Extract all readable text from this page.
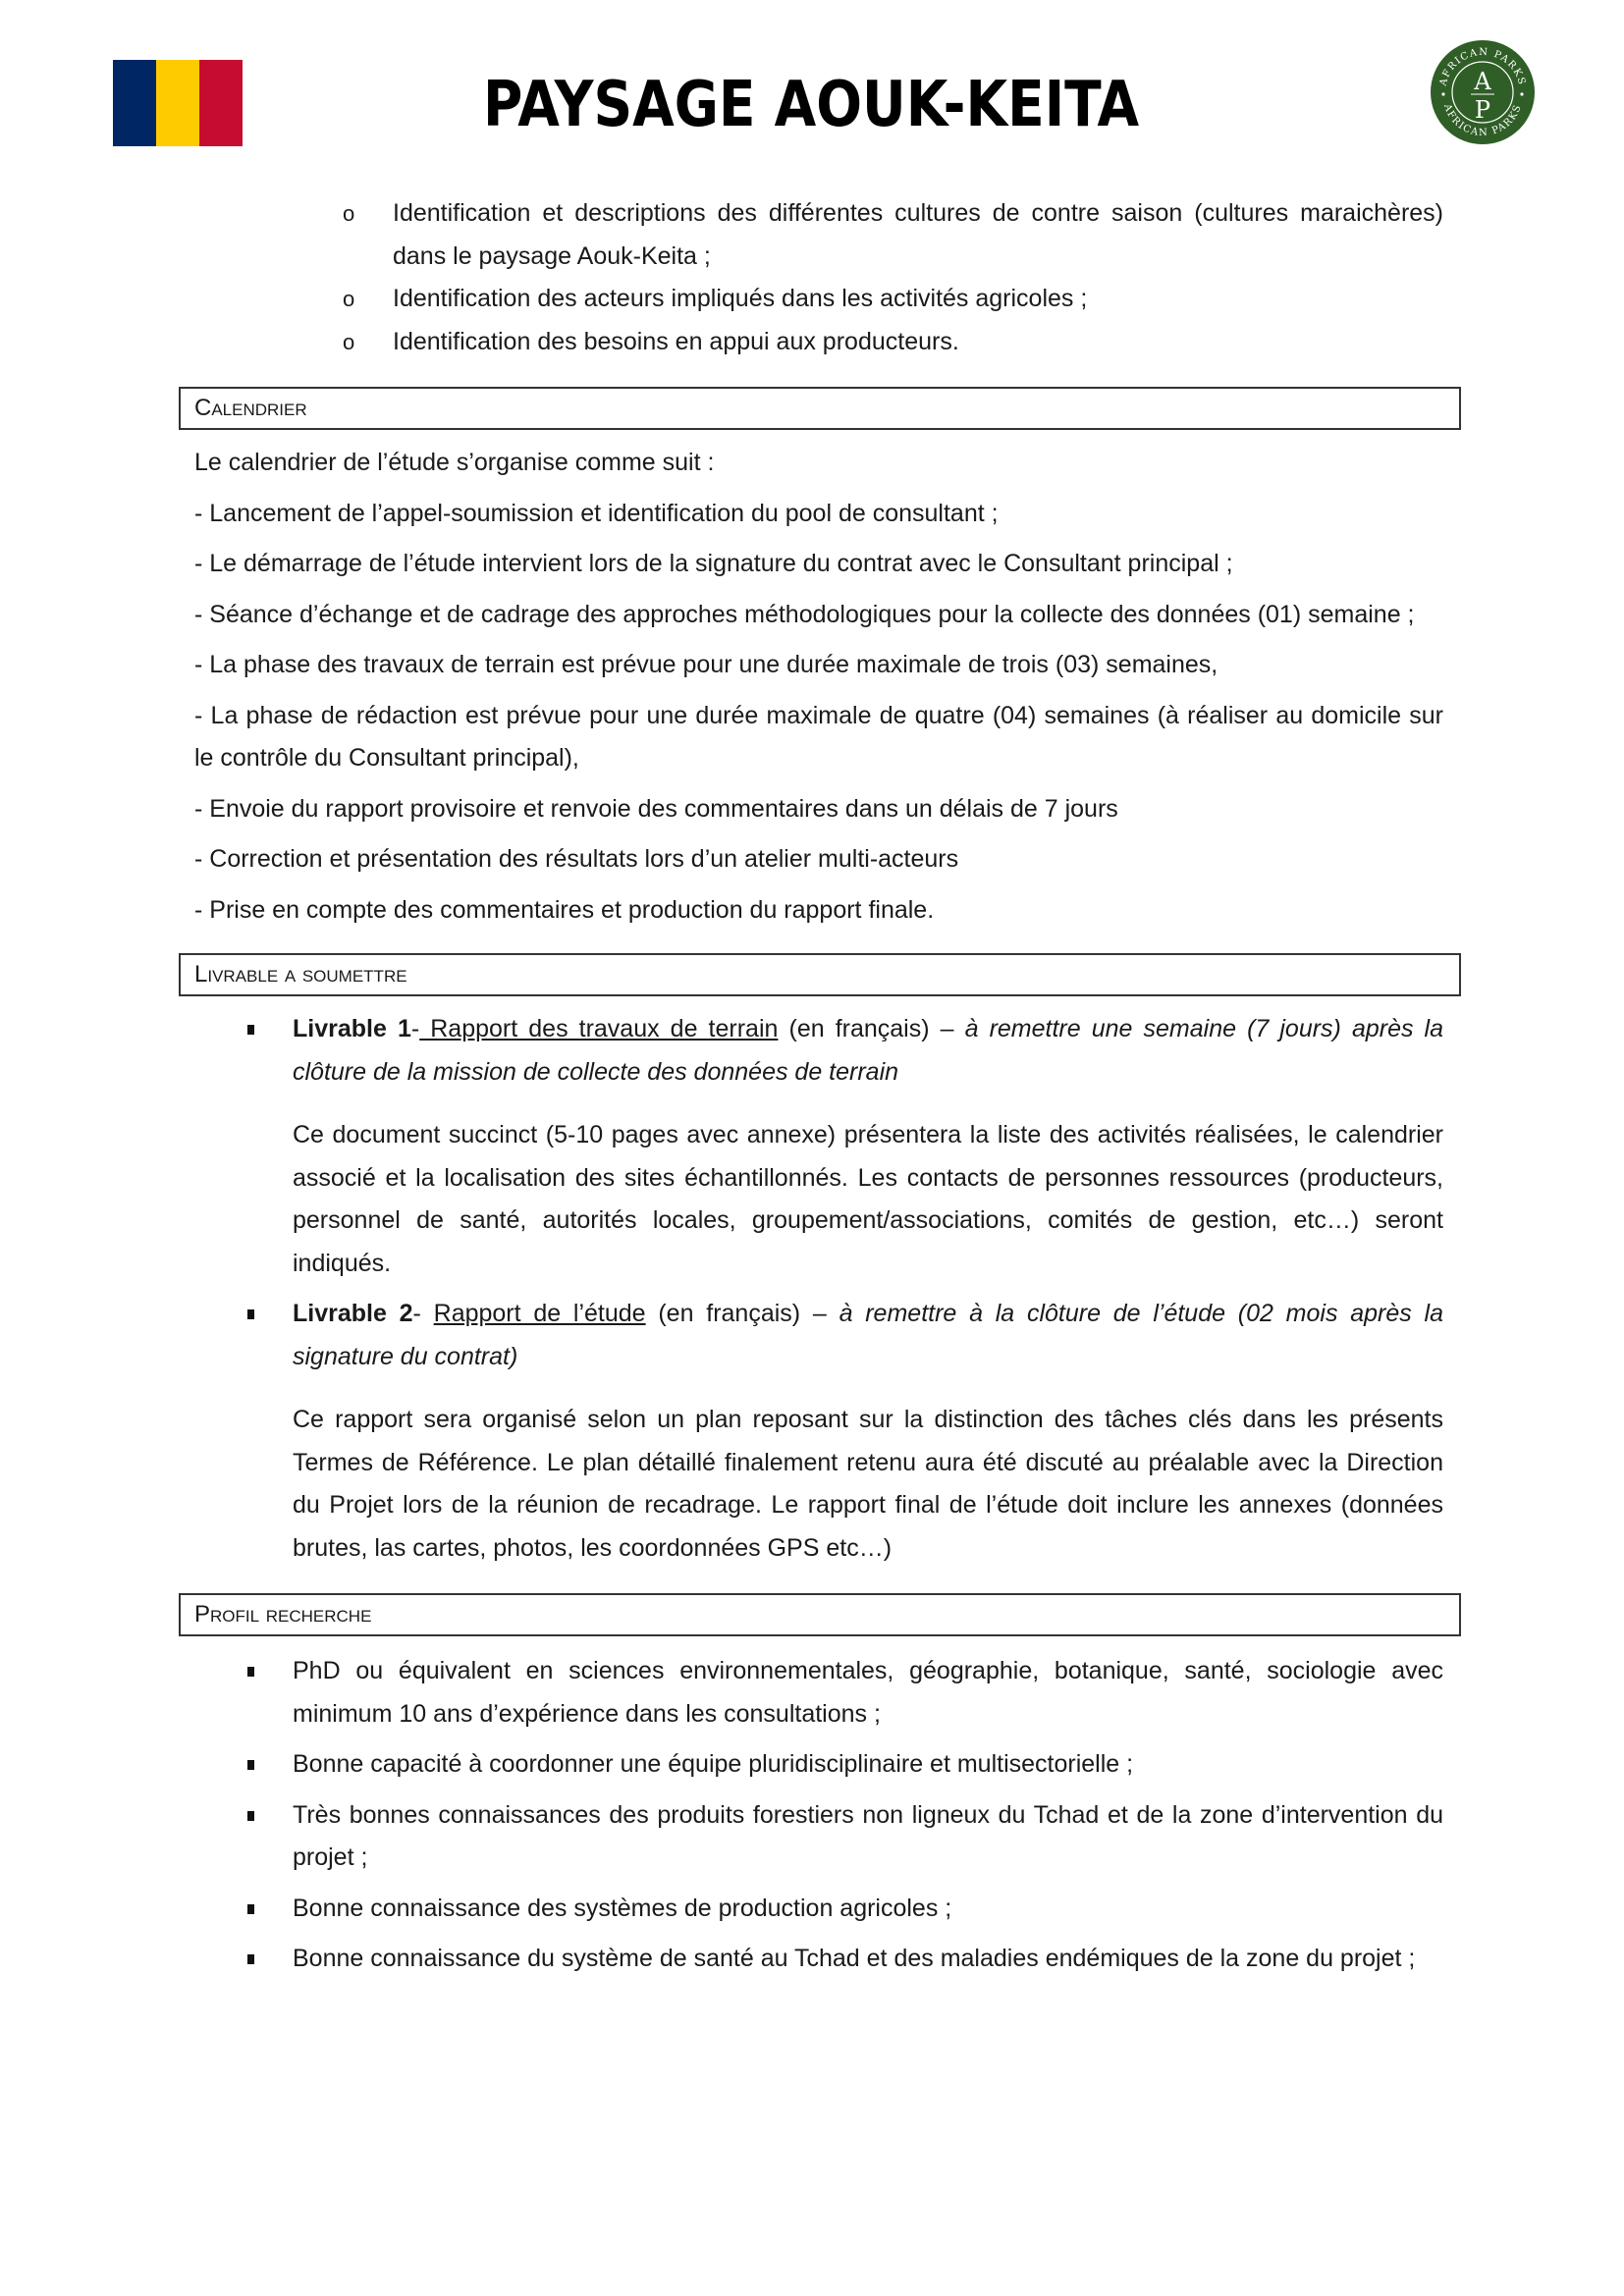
PAYSAGE AOUK-KEITA	AFRICAN PARKS
AFRICAN PARKS
A
P
o Identification et descriptions des différentes cultures de contre saison (cultures maraichères) dans le paysage Aouk-Keita ;
o Identification des acteurs impliqués dans les activités agricoles ;
o Identification des besoins en appui aux producteurs.
Calendrier

Le calendrier de l’étude s’organise comme suit :

- Lancement de l’appel-soumission et identification du pool de consultant ;

- Le démarrage de l’étude intervient lors de la signature du contrat avec le Consultant principal ;

- Séance d’échange et de cadrage des approches méthodologiques pour la collecte des données (01) semaine ;

- La phase des travaux de terrain est prévue pour une durée maximale de trois (03) semaines,

- La phase de rédaction est prévue pour une durée maximale de quatre (04) semaines (à réaliser au domicile sur le contrôle du Consultant principal),

- Envoie du rapport provisoire et renvoie des commentaires dans un délais de 7 jours

- Correction et présentation des résultats lors d’un atelier multi-acteurs

- Prise en compte des commentaires et production du rapport finale.

Livrable a soumettre
Livrable 1- Rapport des travaux de terrain (en français) – à remettre une semaine (7 jours) après la clôture de la mission de collecte des données de terrain

Ce document succinct (5-10 pages avec annexe) présentera la liste des activités réalisées, le calendrier associé et la localisation des sites échantillonnés. Les contacts de personnes ressources (producteurs, personnel de santé, autorités locales, groupement/associations, comités de gestion, etc…) seront indiqués.

Livrable 2- Rapport de l’étude (en français) – à remettre à la clôture de l’étude (02 mois après la signature du contrat)

Ce rapport sera organisé selon un plan reposant sur la distinction des tâches clés dans les présents Termes de Référence. Le plan détaillé finalement retenu aura été discuté au préalable avec la Direction du Projet lors de la réunion de recadrage. Le rapport final de l’étude doit inclure les annexes (données brutes, las cartes, photos, les coordonnées GPS etc…)

Profil recherche
PhD ou équivalent en sciences environnementales, géographie, botanique, santé, sociologie avec minimum 10 ans d’expérience dans les consultations ;
Bonne capacité à coordonner une équipe pluridisciplinaire et multisectorielle ;
Très bonnes connaissances des produits forestiers non ligneux du Tchad et de la zone d’intervention du projet ;
Bonne connaissance des systèmes de production agricoles ;
Bonne connaissance du système de santé au Tchad et des maladies endémiques de la zone du projet ;
